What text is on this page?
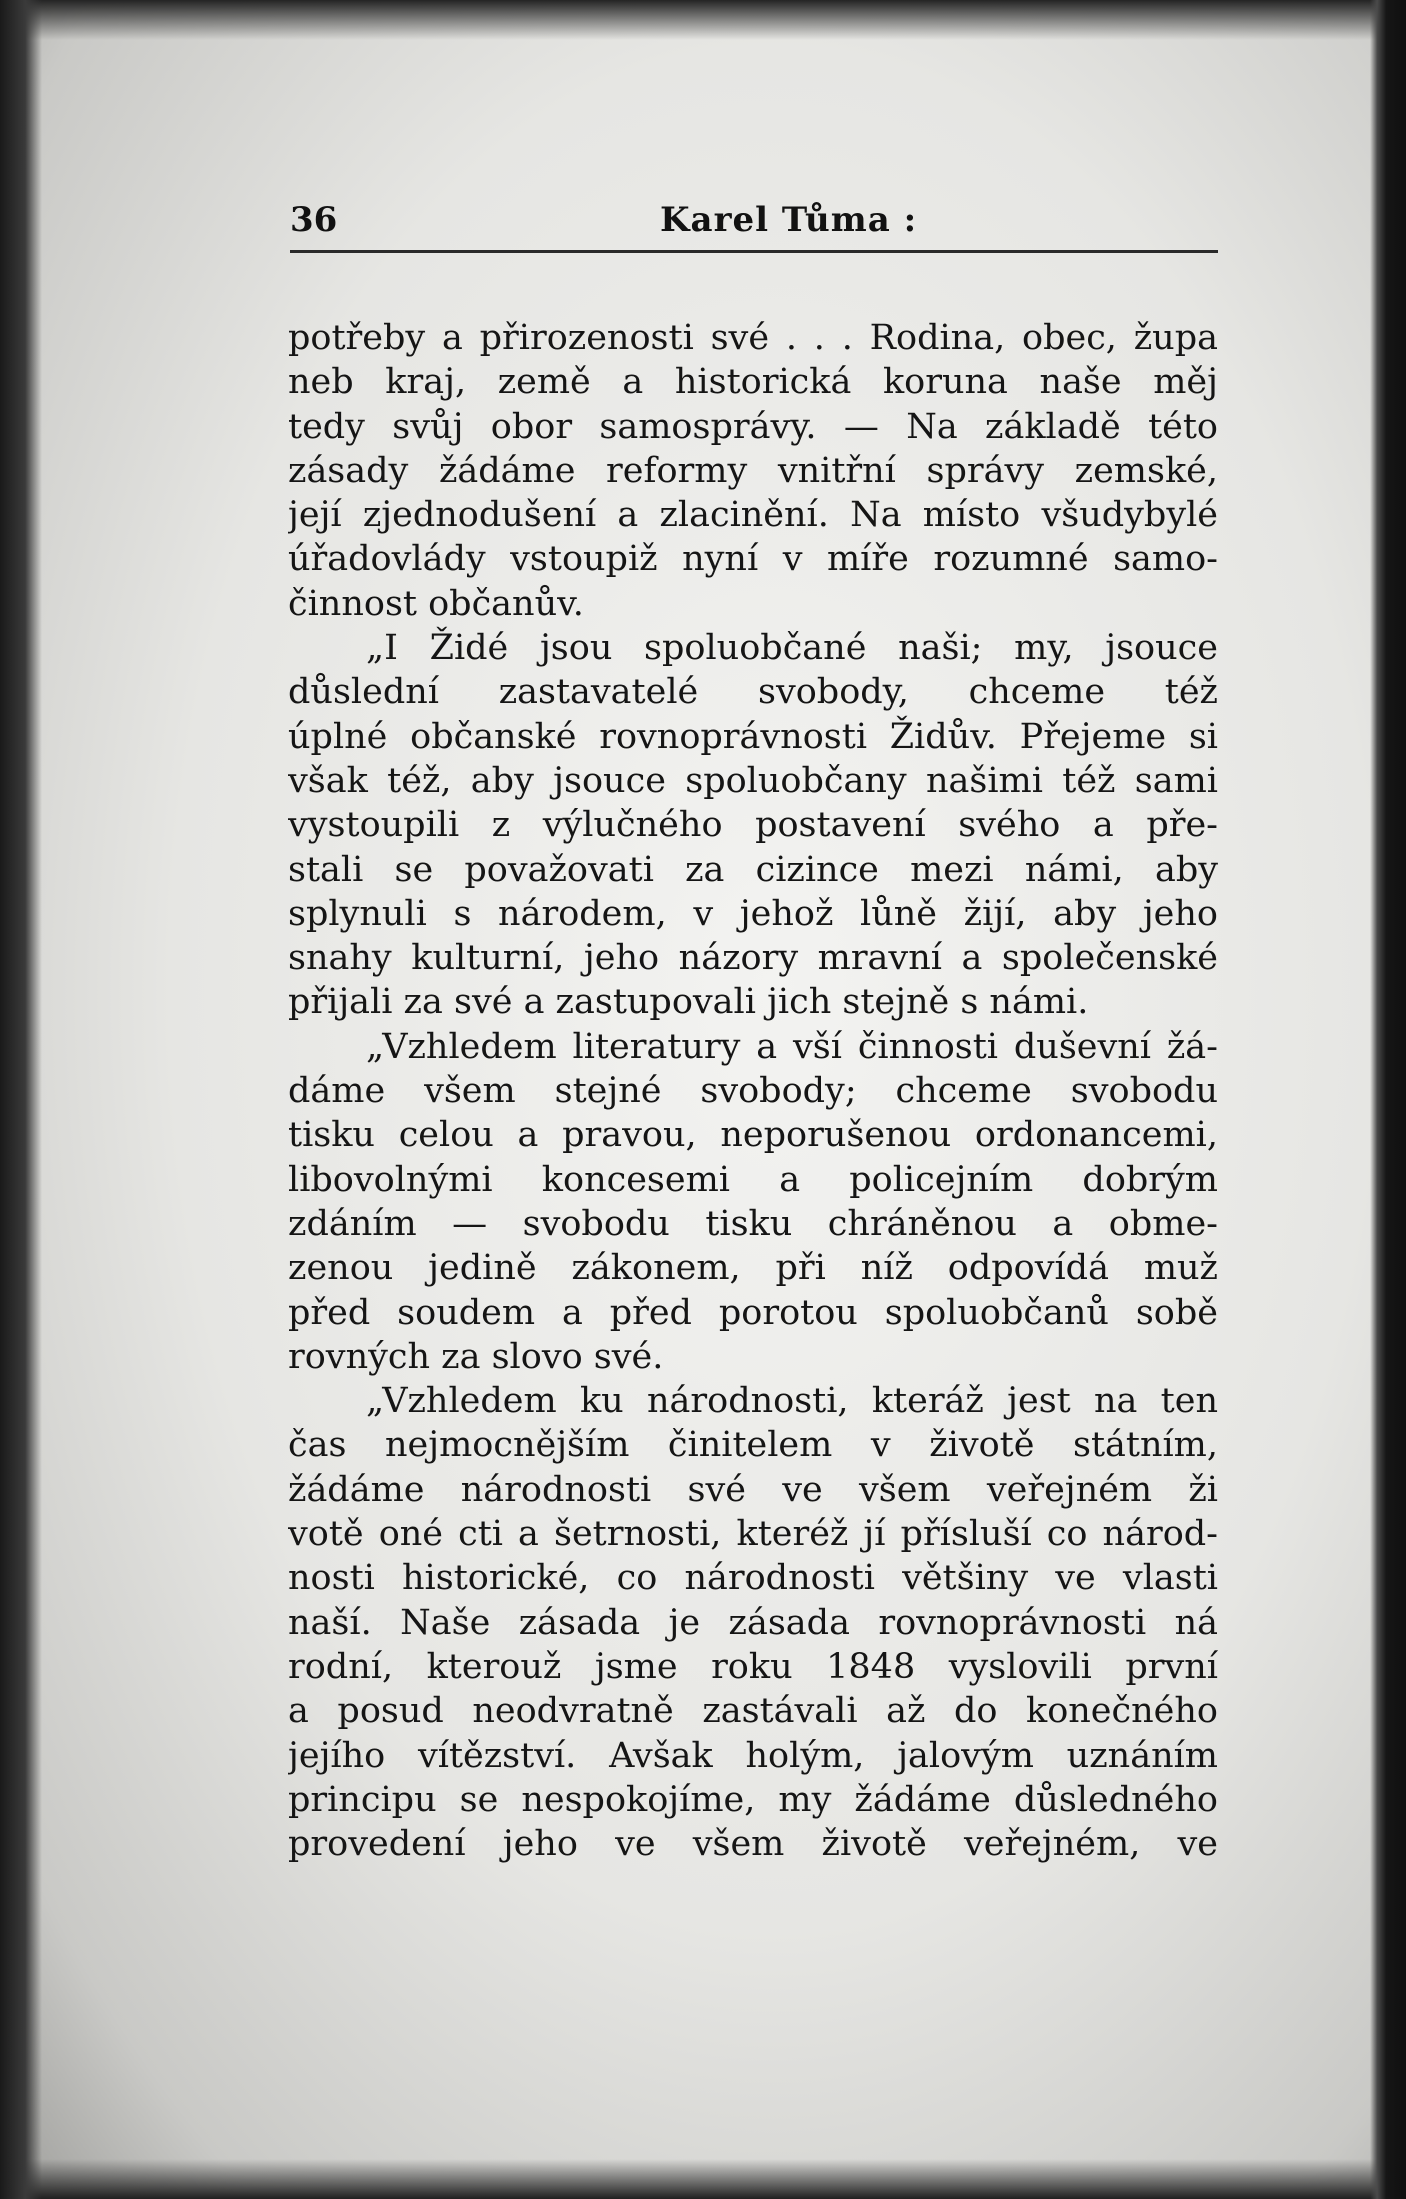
36	Karel Tůma :
potřeby a přirozenosti své . . . Rodina, obec, župa
neb kraj, země a historická koruna naše měj
tedy svůj obor samosprávy. — Na základě této
zásady žádáme reformy vnitřní správy zemské,
její zjednodušení a zlacinění. Na místo všudybylé
úřadovlády vstoupiž nyní v míře rozumné samo-
činnost občanův.
„I Židé jsou spoluobčané naši; my, jsouce
důslední zastavatelé svobody, chceme též
úplné občanské rovnoprávnosti Židův. Přejeme si
však též, aby jsouce spoluobčany našimi též sami
vystoupili z výlučného postavení svého a pře-
stali se považovati za cizince mezi námi, aby
splynuli s národem, v jehož lůně žijí, aby jeho
snahy kulturní, jeho názory mravní a společenské
přijali za své a zastupovali jich stejně s námi.
„Vzhledem literatury a vší činnosti duševní žá-
dáme všem stejné svobody; chceme svobodu
tisku celou a pravou, neporušenou ordonancemi,
libovolnými koncesemi a policejním dobrým
zdáním — svobodu tisku chráněnou a obme-
zenou jedině zákonem, při níž odpovídá muž
před soudem a před porotou spoluobčanů sobě
rovných za slovo své.
„Vzhledem ku národnosti, kteráž jest na ten
čas nejmocnějším činitelem v životě státním,
žádáme národnosti své ve všem veřejném ži
votě oné cti a šetrnosti, kteréž jí přísluší co národ-
nosti historické, co národnosti většiny ve vlasti
naší. Naše zásada je zásada rovnoprávnosti ná
rodní, kterouž jsme roku 1848 vyslovili první
a posud neodvratně zastávali až do konečného
jejího vítězství. Avšak holým, jalovým uznáním
principu se nespokojíme, my žádáme důsledného
provedení jeho ve všem životě veřejném, ve
